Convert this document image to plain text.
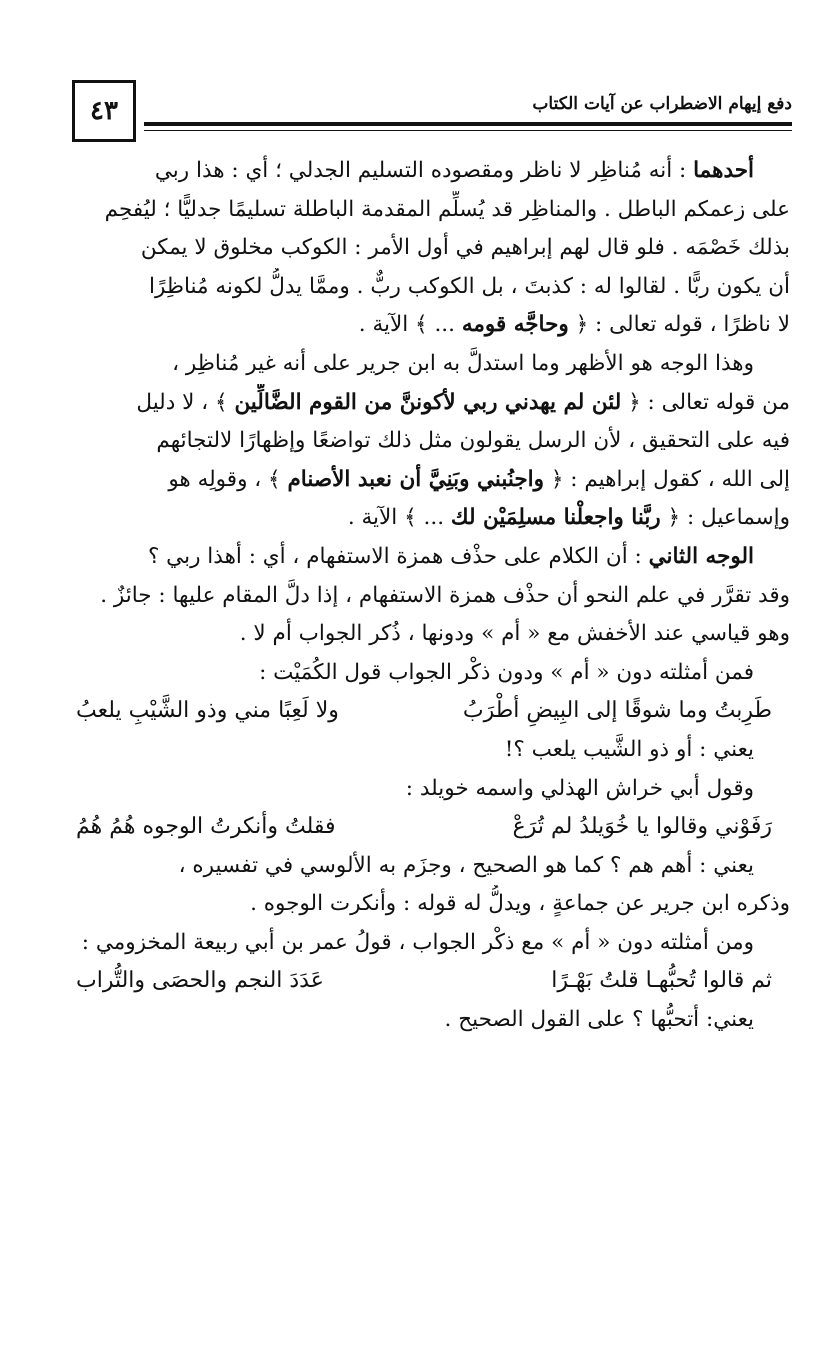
٤٣	دفع إيهام الاضطراب عن آيات الكتاب
أحدهما : أنه مُناظِر لا ناظر ومقصوده التسليم الجدلي ؛ أي : هذا ربي
على زعمكم الباطل . والمناظِر قد يُسلِّم المقدمة الباطلة تسليمًا جدليًّا ؛ ليُفحِم
بذلك خَصْمَه . فلو قال لهم إبراهيم في أول الأمر : الكوكب مخلوق لا يمكن
أن يكون ربًّا . لقالوا له : كذبتَ ، بل الكوكب ربٌّ . وممَّا يدلُّ لكونه مُناظِرًا
لا ناظرًا ، قوله تعالى : ﴿ وحاجَّه قومه ... ﴾ الآية .
وهذا الوجه هو الأظهر وما استدلَّ به ابن جرير على أنه غير مُناظِر ،
من قوله تعالى : ﴿ لئن لم يهدني ربي لأكوننَّ من القوم الضَّالِّين ﴾ ، لا دليل
فيه على التحقيق ، لأن الرسل يقولون مثل ذلك تواضعًا وإظهارًا لالتجائهم
إلى الله ، كقول إبراهيم : ﴿ واجنُبني وبَنِيَّ أن نعبد الأصنام ﴾ ، وقولِه هو
وإسماعيل : ﴿ ربَّنا واجعلْنا مسلِمَيْن لك ... ﴾ الآية .
الوجه الثاني : أن الكلام على حذْف همزة الاستفهام ، أي : أهذا ربي ؟
وقد تقرَّر في علم النحو أن حذْف همزة الاستفهام ، إذا دلَّ المقام عليها : جائزٌ .
وهو قياسي عند الأخفش مع « أم » ودونها ، ذُكر الجواب أم لا .
فمن أمثلته دون « أم » ودون ذكْر الجواب قول الكُمَيْت :
طَرِبتُ وما شوقًا إلى البِيضِ أطْرَبُ
ولا لَعِبًا مني وذو الشَّيْبِ يلعبُ
يعني : أو ذو الشَّيب يلعب ؟!
وقول أبي خراش الهذلي واسمه خويلد :
رَفَوْني وقالوا يا خُوَيلدُ لم تُرَعْ
فقلتُ وأنكرتُ الوجوه هُمُ هُمُ
يعني : أهم هم ؟ كما هو الصحيح ، وجزَم به الألوسي في تفسيره ،
وذكره ابن جرير عن جماعةٍ ، ويدلُّ له قوله : وأنكرت الوجوه .
ومن أمثلته دون « أم » مع ذكْر الجواب ، قولُ عمر بن أبي ربيعة المخزومي :
ثم قالوا تُحبُّهـا قلتُ بَهْـرًا
عَدَدَ النجم والحصَى والتُّراب
يعني: أتحبُّها ؟ على القول الصحيح .
